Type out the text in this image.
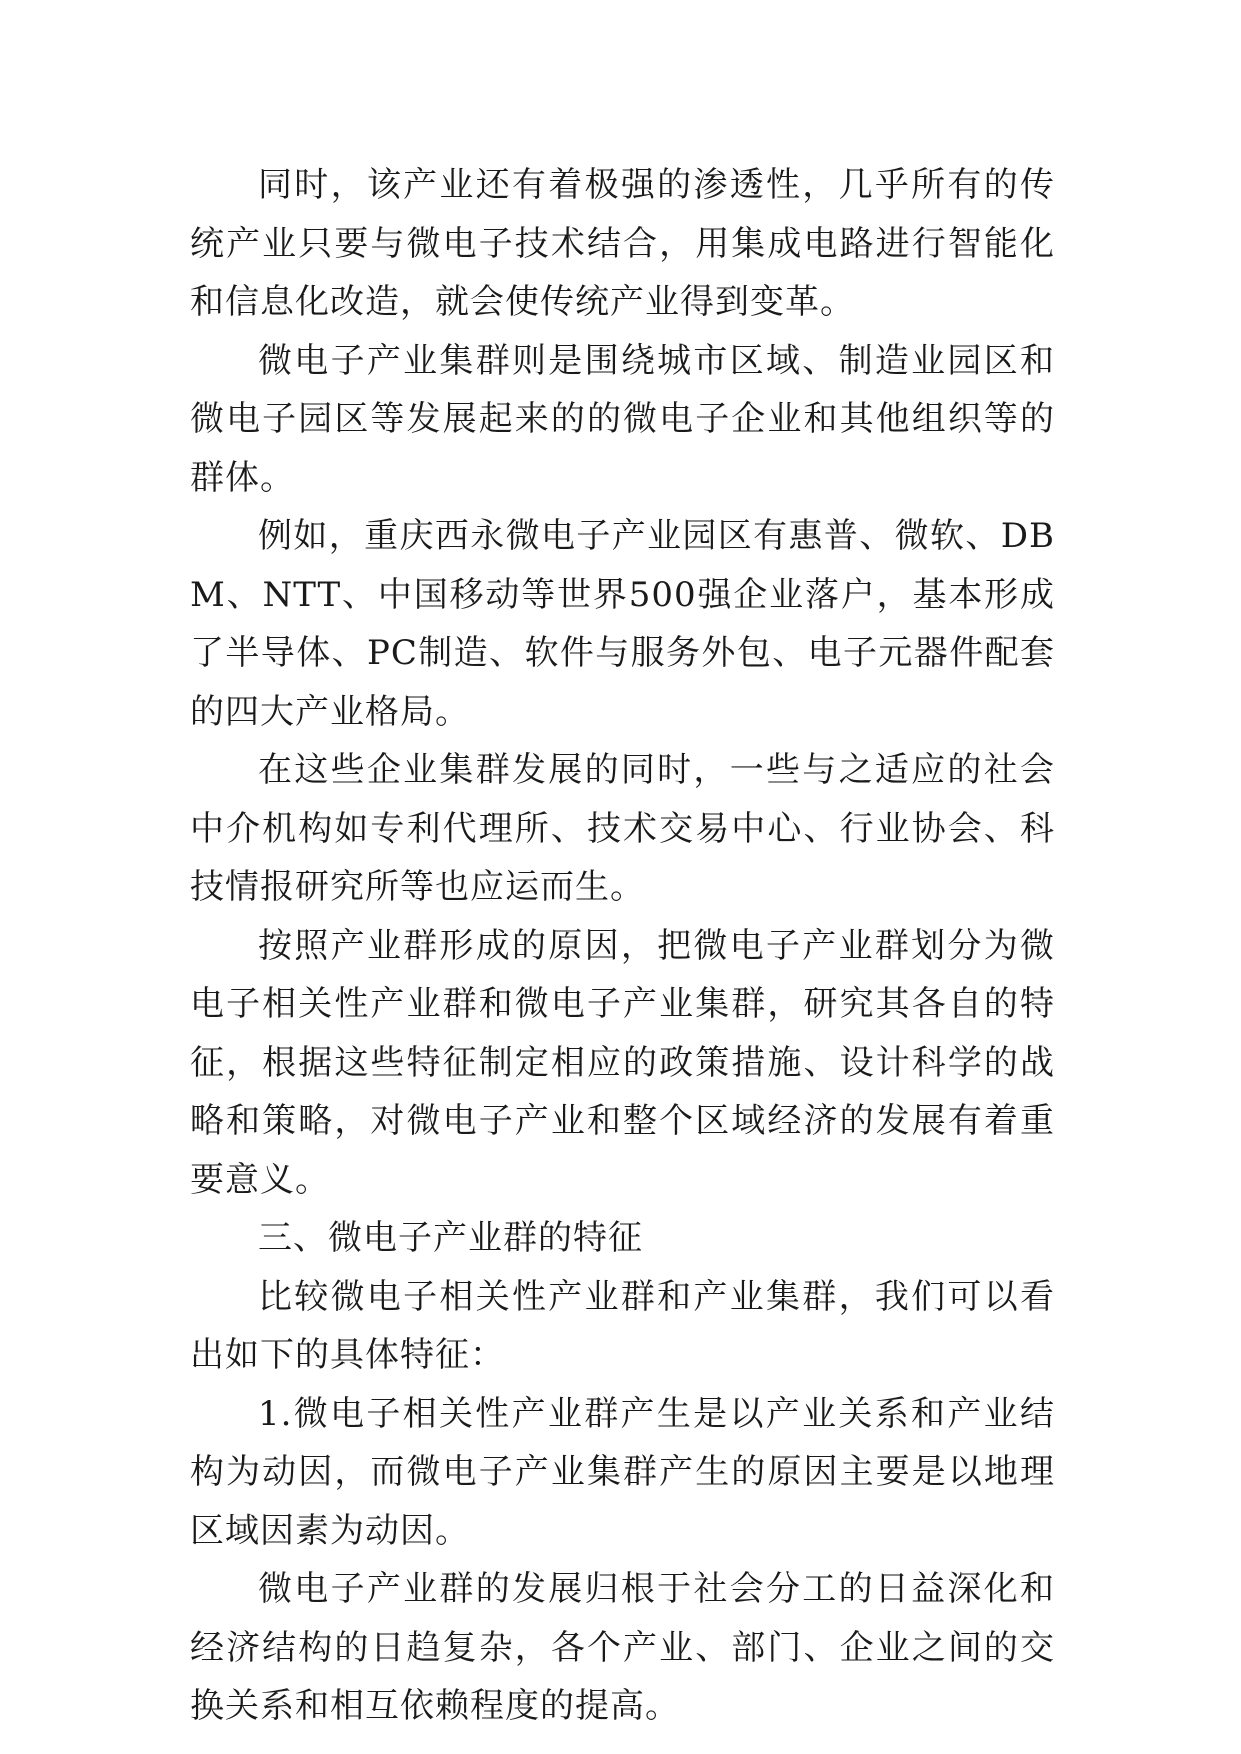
同时，该产业还有着极强的渗透性，几乎所有的传统产业只要与微电子技术结合，用集成电路进行智能化和信息化改造，就会使传统产业得到变革。

微电子产业集群则是围绕城市区域、制造业园区和微电子园区等发展起来的的微电子企业和其他组织等的群体。

例如，重庆西永微电子产业园区有惠普、微软、DBM、NTT、中国移动等世界500强企业落户，基本形成了半导体、PC制造、软件与服务外包、电子元器件配套的四大产业格局。

在这些企业集群发展的同时，一些与之适应的社会中介机构如专利代理所、技术交易中心、行业协会、科技情报研究所等也应运而生。

按照产业群形成的原因，把微电子产业群划分为微电子相关性产业群和微电子产业集群，研究其各自的特征，根据这些特征制定相应的政策措施、设计科学的战略和策略，对微电子产业和整个区域经济的发展有着重要意义。

三、微电子产业群的特征

比较微电子相关性产业群和产业集群，我们可以看出如下的具体特征：

1.微电子相关性产业群产生是以产业关系和产业结构为动因，而微电子产业集群产生的原因主要是以地理区域因素为动因。

微电子产业群的发展归根于社会分工的日益深化和经济结构的日趋复杂，各个产业、部门、企业之间的交换关系和相互依赖程度的提高。
